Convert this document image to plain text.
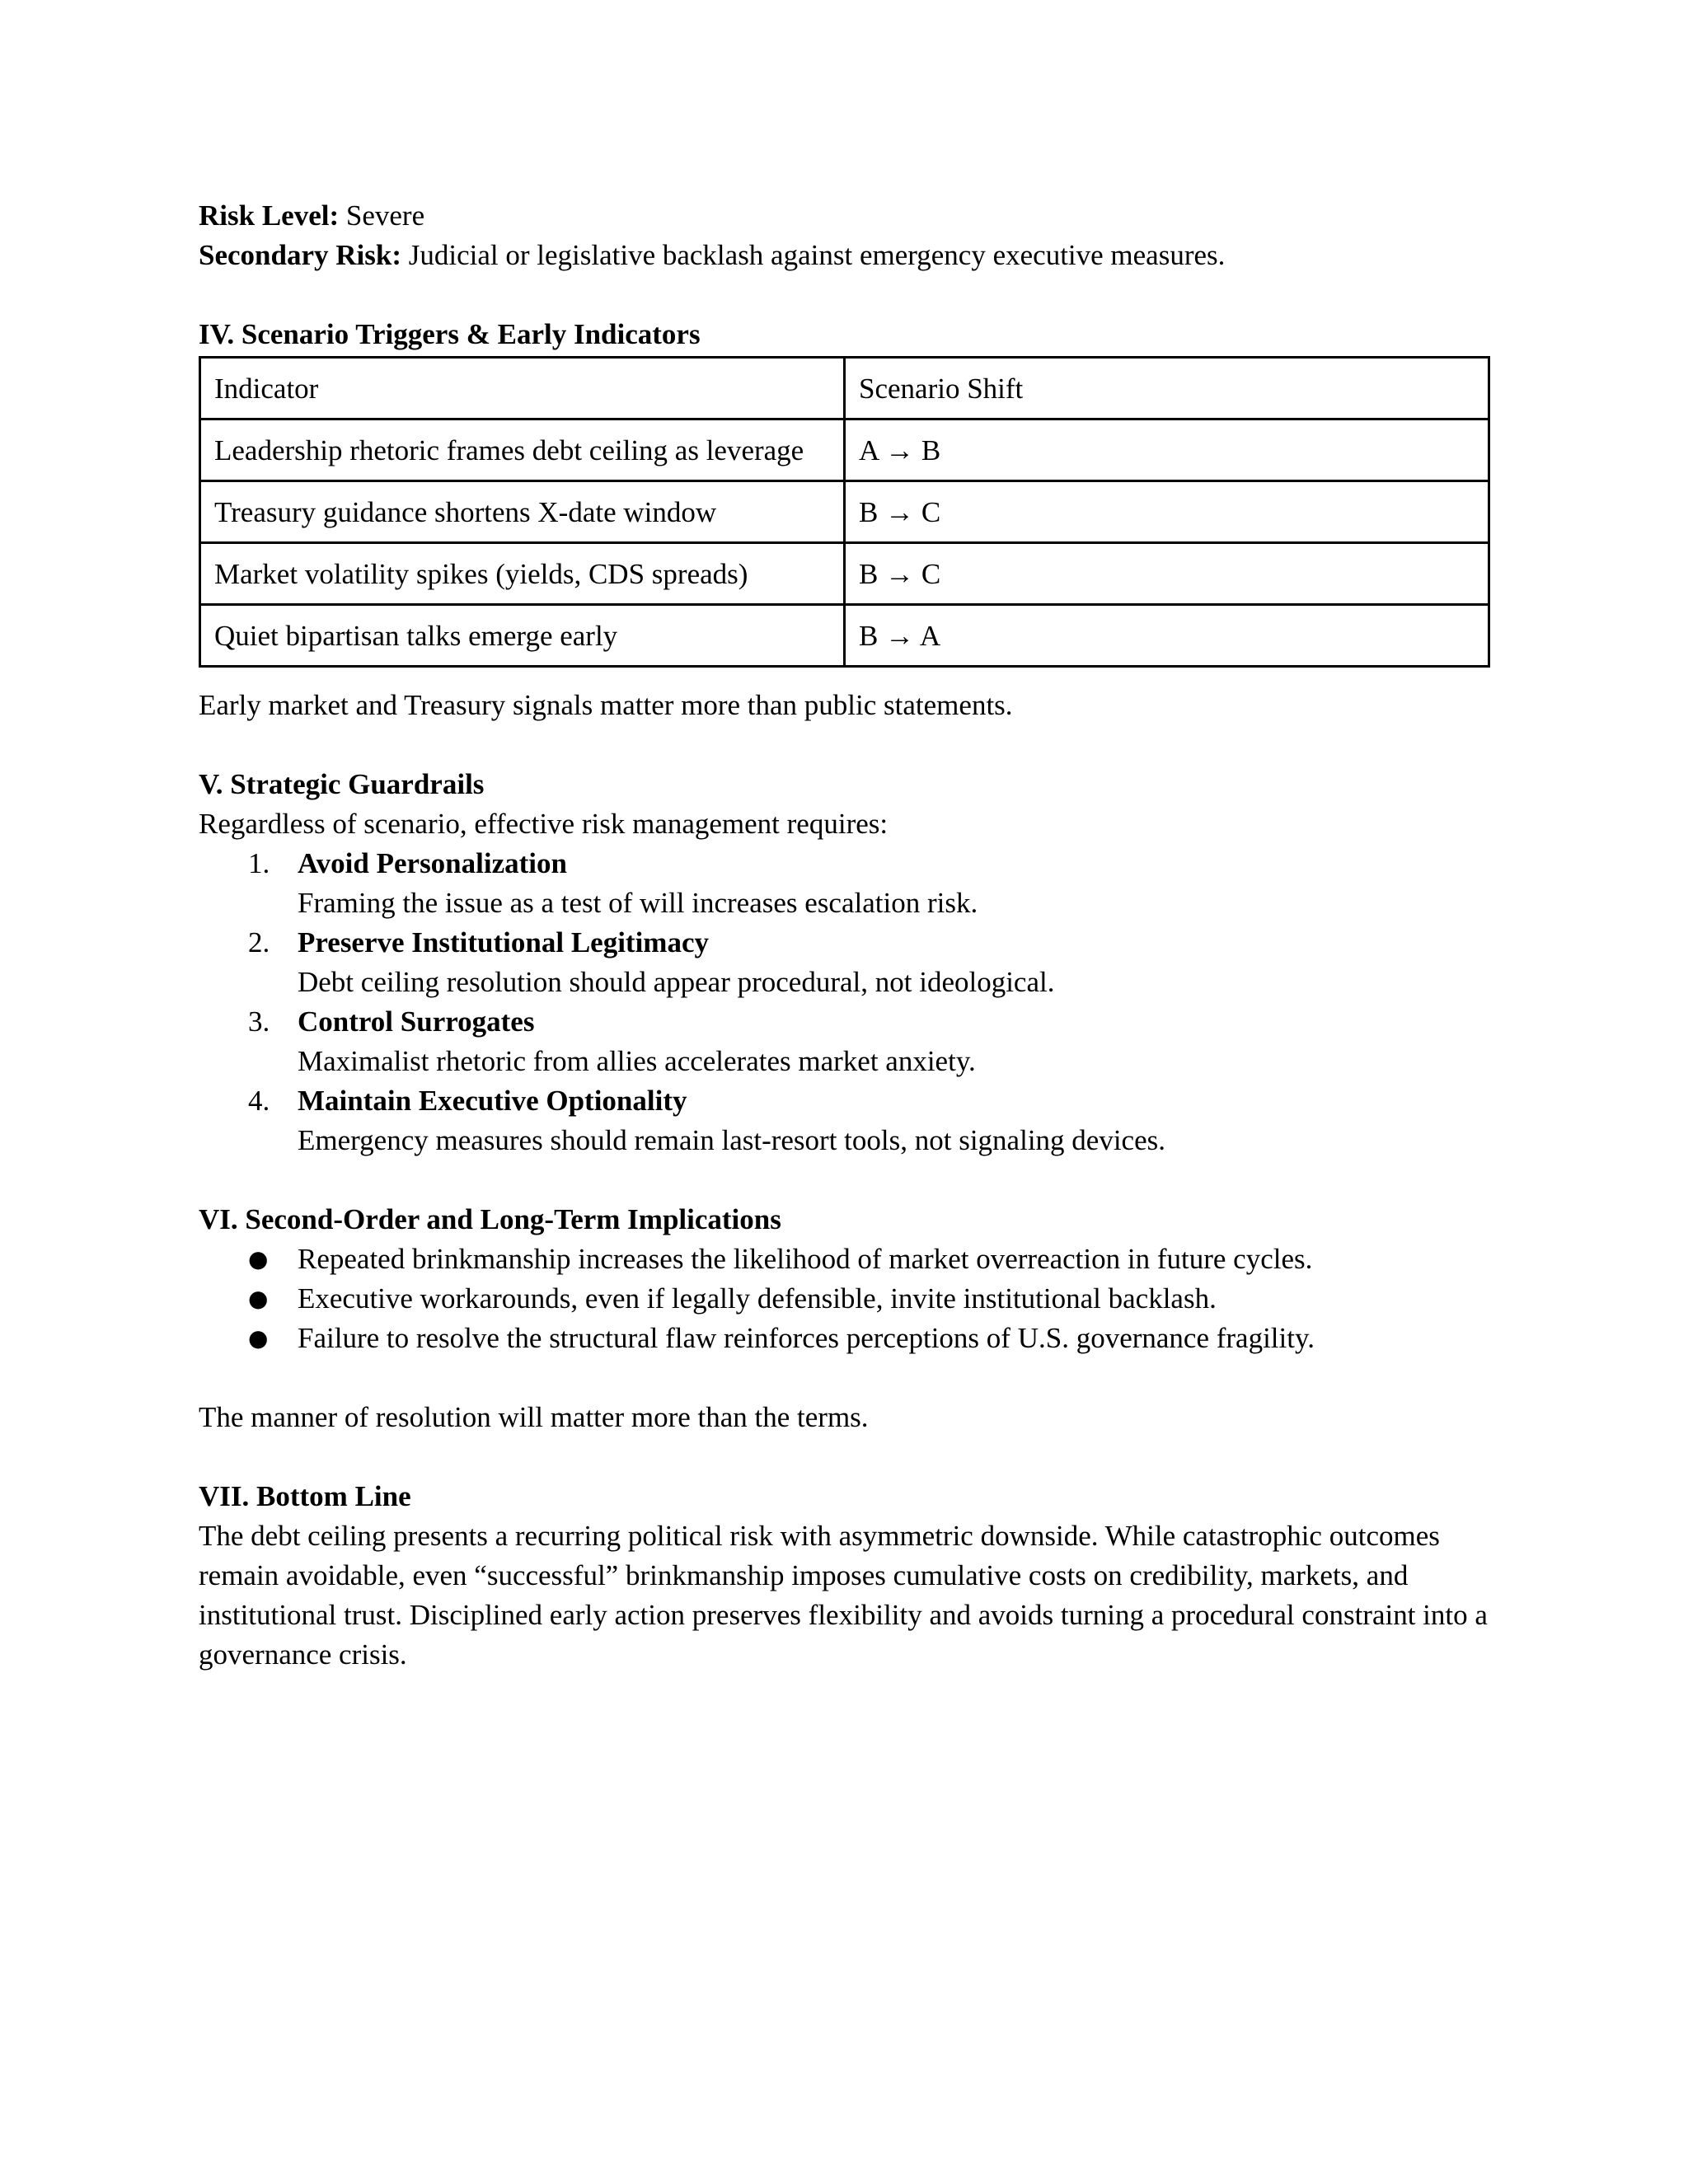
Risk Level: Severe

Secondary Risk: Judicial or legislative backlash against emergency executive measures.

IV. Scenario Triggers & Early Indicators

Indicator	Scenario Shift
Leadership rhetoric frames debt ceiling as leverage	A → B
Treasury guidance shortens X-date window	B → C
Market volatility spikes (yields, CDS spreads)	B → C
Quiet bipartisan talks emerge early	B → A

Early market and Treasury signals matter more than public statements.

V. Strategic Guardrails

Regardless of scenario, effective risk management requires:

1. Avoid Personalization
Framing the issue as a test of will increases escalation risk.
2. Preserve Institutional Legitimacy
Debt ceiling resolution should appear procedural, not ideological.
3. Control Surrogates
Maximalist rhetoric from allies accelerates market anxiety.
4. Maintain Executive Optionality
Emergency measures should remain last-resort tools, not signaling devices.

VI. Second-Order and Long-Term Implications

● Repeated brinkmanship increases the likelihood of market overreaction in future cycles.
● Executive workarounds, even if legally defensible, invite institutional backlash.
● Failure to resolve the structural flaw reinforces perceptions of U.S. governance fragility.

The manner of resolution will matter more than the terms.

VII. Bottom Line

The debt ceiling presents a recurring political risk with asymmetric downside. While catastrophic outcomes remain avoidable, even “successful” brinkmanship imposes cumulative costs on credibility, markets, and institutional trust. Disciplined early action preserves flexibility and avoids turning a procedural constraint into a governance crisis.
